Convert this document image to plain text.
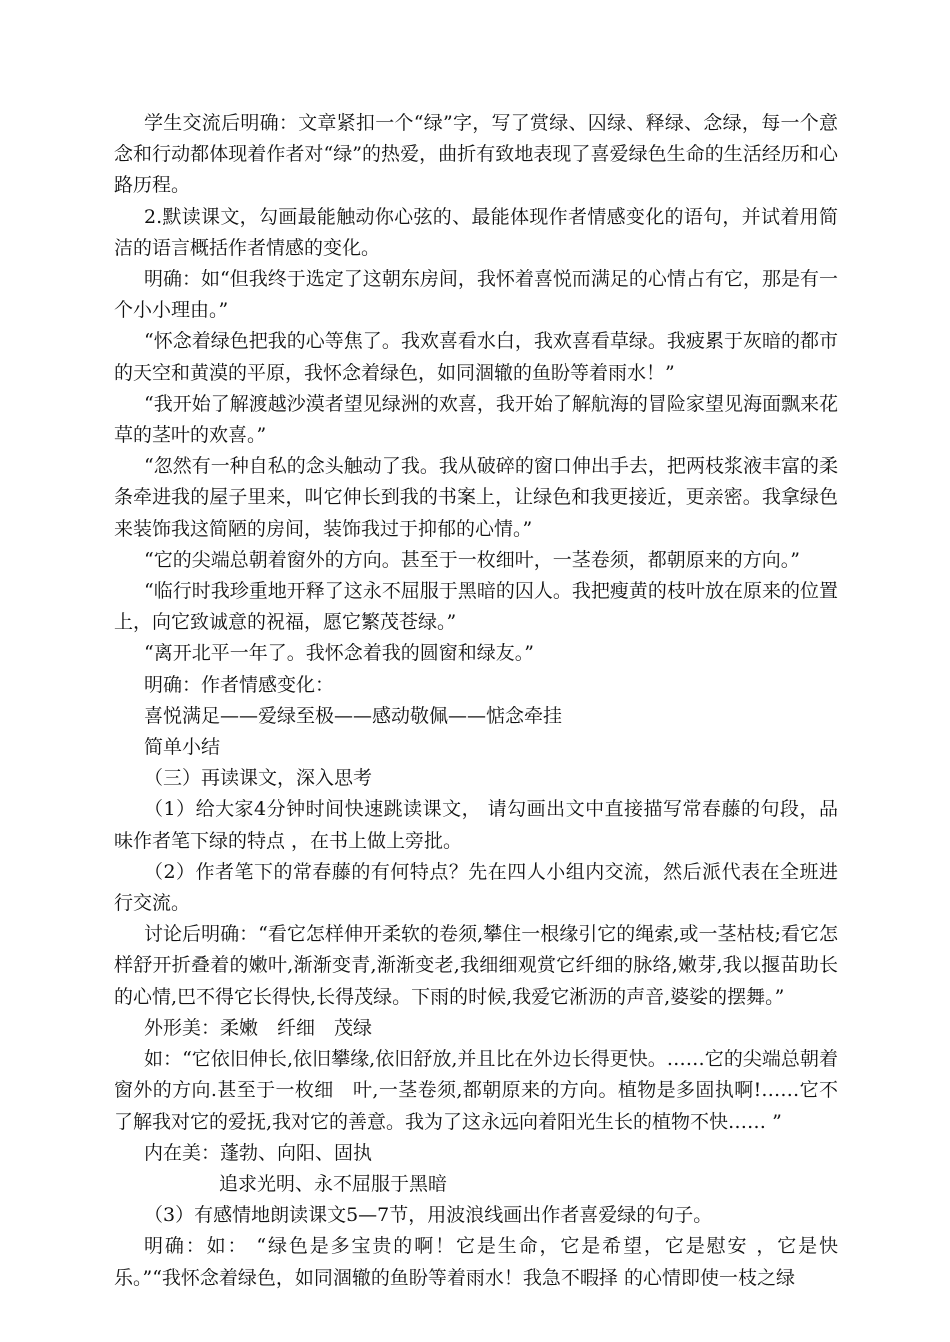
学生交流后明确：文章紧扣一个“绿”字，写了赏绿、囚绿、释绿、念绿，每一个意念和行动都体现着作者对“绿”的热爱，曲折有致地表现了喜爱绿色生命的生活经历和心路历程。

2.默读课文，勾画最能触动你心弦的、最能体现作者情感变化的语句，并试着用简洁的语言概括作者情感的变化。

明确：如“但我终于选定了这朝东房间，我怀着喜悦而满足的心情占有它，那是有一个小小理由。”

“怀念着绿色把我的心等焦了。我欢喜看水白，我欢喜看草绿。我疲累于灰暗的都市的天空和黄漠的平原，我怀念着绿色，如同涸辙的鱼盼等着雨水！”

“我开始了解渡越沙漠者望见绿洲的欢喜，我开始了解航海的冒险家望见海面飘来花草的茎叶的欢喜。”

“忽然有一种自私的念头触动了我。我从破碎的窗口伸出手去，把两枝浆液丰富的柔条牵进我的屋子里来，叫它伸长到我的书案上，让绿色和我更接近，更亲密。我拿绿色来装饰我这简陋的房间，装饰我过于抑郁的心情。”

“它的尖端总朝着窗外的方向。甚至于一枚细叶，一茎卷须，都朝原来的方向。”

“临行时我珍重地开释了这永不屈服于黑暗的囚人。我把瘦黄的枝叶放在原来的位置上，向它致诚意的祝福，愿它繁茂苍绿。”

“离开北平一年了。我怀念着我的圆窗和绿友。”

明确：作者情感变化：

喜悦满足——爱绿至极——感动敬佩——惦念牵挂

简单小结

（三）再读课文，深入思考

（1）给大家4分钟时间快速跳读课文， 请勾画出文中直接描写常春藤的句段，品味作者笔下绿的特点 ，在书上做上旁批。

（2）作者笔下的常春藤的有何特点？先在四人小组内交流，然后派代表在全班进行交流。

讨论后明确：“看它怎样伸开柔软的卷须,攀住一根缘引它的绳索,或一茎枯枝;看它怎样舒开折叠着的嫩叶,渐渐变青,渐渐变老,我细细观赏它纤细的脉络,嫩芽,我以揠苗助长的心情,巴不得它长得快,长得茂绿。下雨的时候,我爱它淅沥的声音,婆娑的摆舞。”

外形美：柔嫩　纤细　茂绿

如：“它依旧伸长,依旧攀缘,依旧舒放,并且比在外边长得更快。……它的尖端总朝着窗外的方向.甚至于一枚细　叶,一茎卷须,都朝原来的方向。植物是多固执啊!……它不了解我对它的爱抚,我对它的善意。我为了这永远向着阳光生长的植物不快…… ”

内在美：蓬勃、向阳、固执

追求光明、永不屈服于黑暗

（3）有感情地朗读课文5—7节，用波浪线画出作者喜爱绿的句子。

明确：如： “绿色是多宝贵的啊！它是生命，它是希望，它是慰安 ，它是快乐。”“我怀念着绿色，如同涸辙的鱼盼等着雨水！我急不暇择 的心情即使一枝之绿
